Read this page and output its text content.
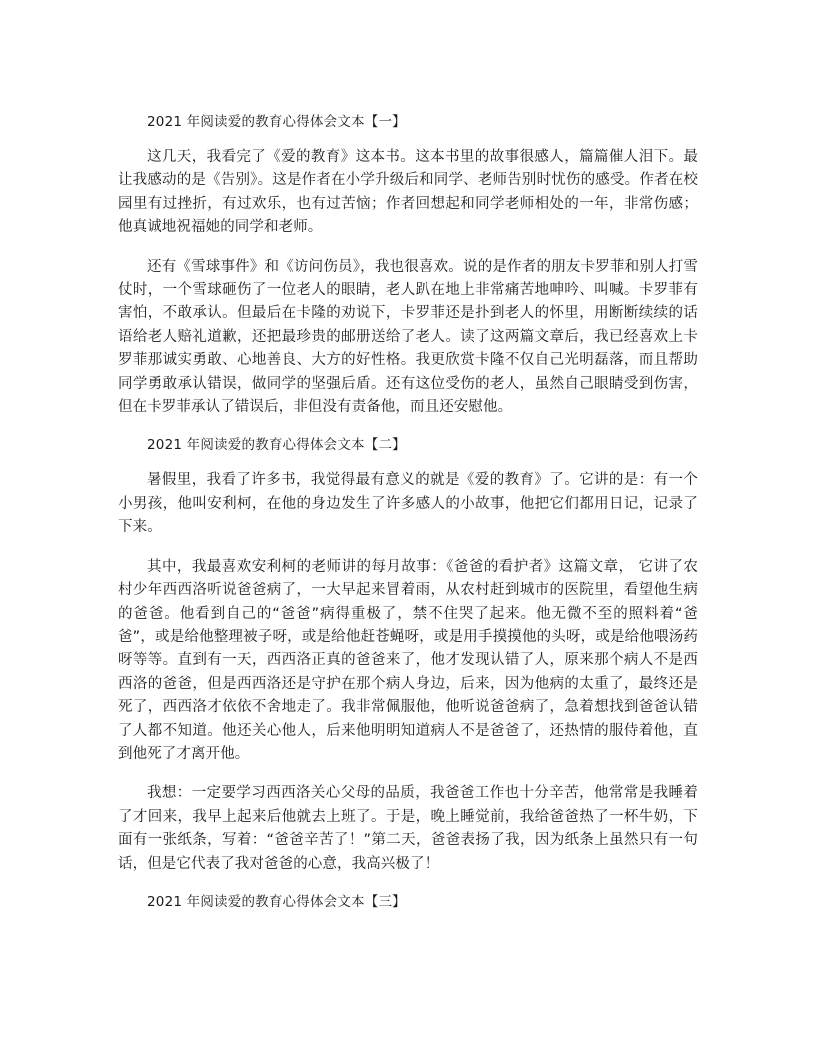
2021 年阅读爱的教育心得体会文本【一】

这几天，我看完了《爱的教育》这本书。这本书里的故事很感人，篇篇催人泪下。最让我感动的是《告别》。这是作者在小学升级后和同学、老师告别时忧伤的感受。作者在校园里有过挫折，有过欢乐，也有过苦恼；作者回想起和同学老师相处的一年，非常伤感；他真诚地祝福她的同学和老师。

还有《雪球事件》和《访问伤员》，我也很喜欢。说的是作者的朋友卡罗菲和别人打雪仗时，一个雪球砸伤了一位老人的眼睛，老人趴在地上非常痛苦地呻吟、叫喊。卡罗菲有害怕，不敢承认。但最后在卡隆的劝说下，卡罗菲还是扑到老人的怀里，用断断续续的话语给老人赔礼道歉，还把最珍贵的邮册送给了老人。读了这两篇文章后，我已经喜欢上卡罗菲那诚实勇敢、心地善良、大方的好性格。我更欣赏卡隆不仅自己光明磊落，而且帮助同学勇敢承认错误，做同学的坚强后盾。还有这位受伤的老人，虽然自己眼睛受到伤害，但在卡罗菲承认了错误后，非但没有责备他，而且还安慰他。

2021 年阅读爱的教育心得体会文本【二】

暑假里，我看了许多书，我觉得最有意义的就是《爱的教育》了。它讲的是：有一个小男孩，他叫安利柯，在他的身边发生了许多感人的小故事，他把它们都用日记，记录了下来。

其中，我最喜欢安利柯的老师讲的每月故事：《爸爸的看护者》这篇文章， 它讲了农村少年西西洛听说爸爸病了，一大早起来冒着雨，从农村赶到城市的医院里，看望他生病的爸爸。他看到自己的“爸爸”病得重极了，禁不住哭了起来。他无微不至的照料着“爸爸”，或是给他整理被子呀，或是给他赶苍蝇呀，或是用手摸摸他的头呀，或是给他喂汤药呀等等。直到有一天，西西洛正真的爸爸来了，他才发现认错了人，原来那个病人不是西西洛的爸爸，但是西西洛还是守护在那个病人身边，后来，因为他病的太重了，最终还是死了，西西洛才依依不舍地走了。我非常佩服他，他听说爸爸病了，急着想找到爸爸认错了人都不知道。他还关心他人，后来他明明知道病人不是爸爸了，还热情的服侍着他，直到他死了才离开他。

我想：一定要学习西西洛关心父母的品质，我爸爸工作也十分辛苦，他常常是我睡着了才回来，我早上起来后他就去上班了。于是，晚上睡觉前，我给爸爸热了一杯牛奶，下面有一张纸条，写着：“爸爸辛苦了！”第二天，爸爸表扬了我，因为纸条上虽然只有一句话，但是它代表了我对爸爸的心意，我高兴极了！

2021 年阅读爱的教育心得体会文本【三】
